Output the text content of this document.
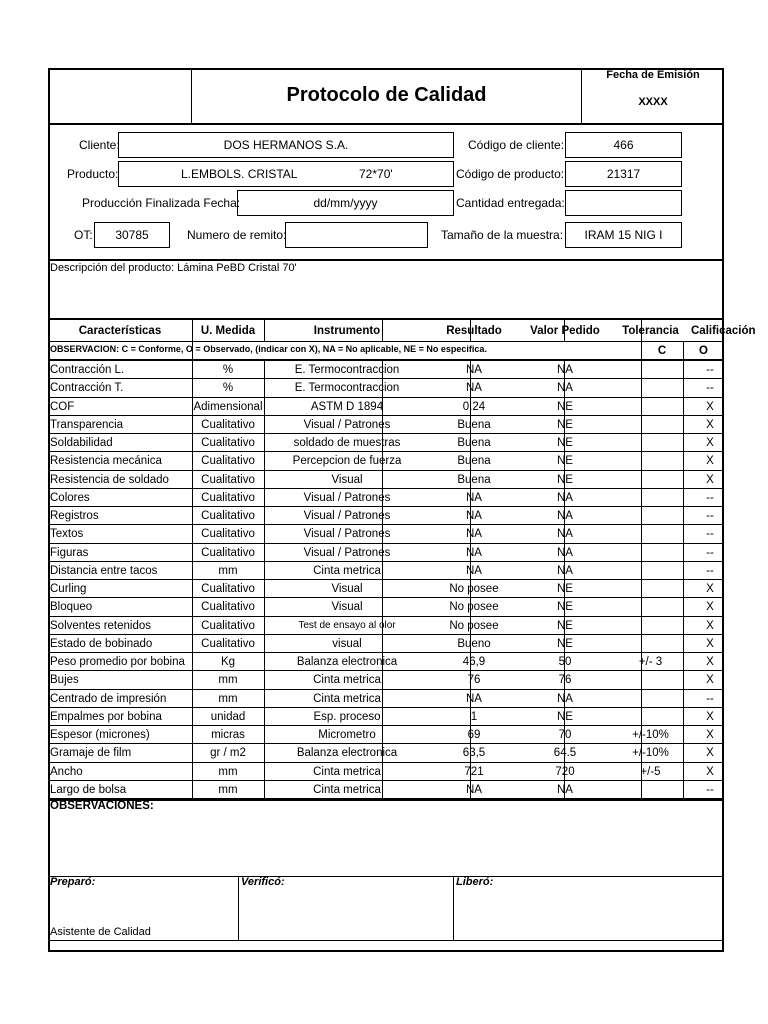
Protocolo de Calidad
Fecha de Emisión
XXXX
Cliente:	DOS HERMANOS S.A.	Código de cliente:	466
Producto:	L.EMBOLS. CRISTAL	72*70'	Código de producto:	21317
Producción Finalizada Fecha:	dd/mm/yyyy	Cantidad entregada:
OT: 30785	Numero de remito:	Tamaño de la muestra: IRAM 15 NIG I
Descripción del producto: Lámina PeBD Cristal 70'
Características	U. Medida	Instrumento	Resultado	Valor Pedido	Tolerancia	Calificación
OBSERVACION: C = Conforme, O = Observado, (indicar con X), NA = No aplicable, NE = No especifica.	C	O
Contracción L.	%	E. Termocontraccion	NA	NA	--
Contracción T.	%	E. Termocontraccion	NA	NA	--
COF	Adimensional	ASTM D 1894	0.24	NE	X
Transparencia	Cualitativo	Visual / Patrones	Buena	NE	X
Soldabilidad	Cualitativo	soldado de muestras	Buena	NE	X
Resistencia mecánica	Cualitativo	Percepcion de fuerza	Buena	NE	X
Resistencia de soldado	Cualitativo	Visual	Buena	NE	X
Colores	Cualitativo	Visual / Patrones	NA	NA	--
Registros	Cualitativo	Visual / Patrones	NA	NA	--
Textos	Cualitativo	Visual / Patrones	NA	NA	--
Figuras	Cualitativo	Visual / Patrones	NA	NA	--
Distancia entre tacos	mm	Cinta metrica	NA	NA	--
Curling	Cualitativo	Visual	No posee	NE	X
Bloqueo	Cualitativo	Visual	No posee	NE	X
Solventes retenidos	Cualitativo	Test de ensayo al olor	No posee	NE	X
Estado de bobinado	Cualitativo	visual	Bueno	NE	X
Peso promedio por bobina	Kg	Balanza electronica	46,9	50	+/- 3	X
Bujes	mm	Cinta metrica	76	76	X
Centrado de impresión	mm	Cinta metrica	NA	NA	--
Empalmes por bobina	unidad	Esp. proceso	1	NE	X
Espesor (micrones)	micras	Micrometro	69	70	+/-10%	X
Gramaje de film	gr / m2	Balanza electronica	63,5	64.5	+/-10%	X
Ancho	mm	Cinta metrica	721	720	+/-5	X
Largo de bolsa	mm	Cinta metrica	NA	NA	--
OBSERVACIONES:
Preparó:	Verificó:	Liberó:
Asistente de Calidad
